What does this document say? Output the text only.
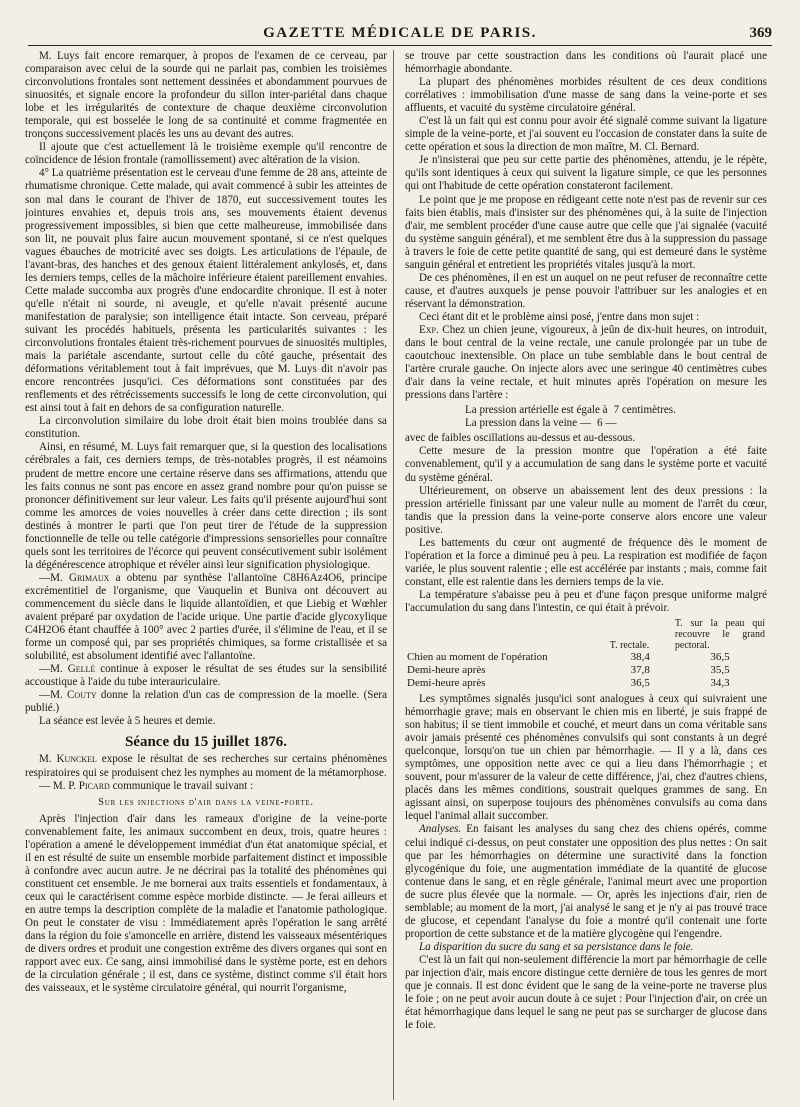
GAZETTE MÉDICALE DE PARIS.	369

M. Luys fait encore remarquer, à propos de l'examen de ce cerveau, par comparaison avec celui de la sourde qui ne parlait pas, combien les troisièmes circonvolutions frontales sont nettement dessinées et abondamment pourvues de sinuosités, et signale encore la profondeur du sillon inter-pariétal dans chaque lobe et les irrégularités de contexture de chaque deuxième circonvolution temporale, qui est bosselée le long de sa continuité et comme fragmentée en tronçons successivement placés les uns au devant des autres.

Il ajoute que c'est actuellement là le troisième exemple qu'il rencontre de coïncidence de lésion frontale (ramollissement) avec altération de la vision.

4° La quatrième présentation est le cerveau d'une femme de 28 ans, atteinte de rhumatisme chronique. Cette malade, qui avait commencé à subir les atteintes de son mal dans le courant de l'hiver de 1870, eut successivement toutes les jointures envahies et, depuis trois ans, ses mouvements étaient devenus progressivement impossibles, si bien que cette malheureuse, immobilisée dans son lit, ne pouvait plus faire aucun mouvement spontané, si ce n'est quelques vagues ébauches de motricité avec ses doigts. Les articulations de l'épaule, de l'avant-bras, des hanches et des genoux étaient littéralement ankylosés, et, dans les derniers temps, celles de la mâchoire inférieure étaient pareillement envahies. Cette malade succomba aux progrès d'une endocardite chronique. Il est à noter qu'elle n'était ni sourde, ni aveugle, et qu'elle n'avait présenté aucune manifestation de paralysie; son intelligence était intacte. Son cerveau, préparé suivant les procédés habituels, présenta les particularités suivantes : les circonvolutions frontales étaient très-richement pourvues de sinuosités multiples, mais la pariétale ascendante, surtout celle du côté gauche, présentait des déformations véritablement tout à fait imprévues, que M. Luys dit n'avoir pas encore rencontrées jusqu'ici. Ces déformations sont constituées par des renflements et des rétrécissements successifs le long de cette circonvolution, qui est ainsi tout à fait en dehors de sa configuration naturelle.

La circonvolution similaire du lobe droit était bien moins troublée dans sa constitution.

Ainsi, en résumé, M. Luys fait remarquer que, si la question des localisations cérébrales a fait, ces derniers temps, de très-notables progrès, il est néamoins prudent de mettre encore une certaine réserve dans ses affirmations, attendu que les faits connus ne sont pas encore en assez grand nombre pour qu'on puisse se prononcer définitivement sur leur valeur. Les faits qu'il présente aujourd'hui sont comme les amorces de voies nouvelles à créer dans cette direction ; ils sont destinés à montrer le parti que l'on peut tirer de l'étude de la suppression fonctionnelle de telle ou telle catégorie d'impressions sensorielles pour connaître quels sont les territoires de l'écorce qui peuvent consécutivement subir isolément la dégénérescence atrophique et révéler ainsi leur signification physiologique.

—M. Grimaux a obtenu par synthèse l'allantoïne C8H6Az4O6, principe excrémentitiel de l'organisme, que Vauquelin et Buniva ont découvert au commencement du siècle dans le liquide allantoïdien, et que Liebig et Wœhler avaient préparé par oxydation de l'acide urique. Une partie d'acide glycoxylique C4H2O6 étant chauffée à 100° avec 2 parties d'urée, il s'élimine de l'eau, et il se forme un composé qui, par ses propriétés chimiques, sa forme cristallisée et sa solubilité, est absolument identifié avec l'allantoïne.

—M. Gellé continue à exposer le résultat de ses études sur la sensibilité accoustique à l'aide du tube interauriculaire.

—M. Couty donne la relation d'un cas de compression de la moelle. (Sera publié.)

La séance est levée à 5 heures et demie.

Séance du 15 juillet 1876.

M. Kunckel expose le résultat de ses recherches sur certains phénomènes respiratoires qui se produisent chez les nymphes au moment de la métamorphose.

— M. P. Picard communique le travail suivant :

Sur les injections d'air dans la veine-porte.

Après l'injection d'air dans les rameaux d'origine de la veine-porte convenablement faite, les animaux succombent en deux, trois, quatre heures : l'opération a amené le développement immédiat d'un état anatomique spécial, et il en est résulté de suite un ensemble morbide parfaitement distinct et impossible à confondre avec aucun autre. Je ne décrirai pas la totalité des phénomènes qui constituent cet ensemble. Je me bornerai aux traits essentiels et fondamentaux, à ceux qui le caractérisent comme espèce morbide distincte. — Je ferai ailleurs et en autre temps la description complète de la maladie et l'anatomie pathologique. On peut le constater de visu : Immédiatement après l'opération le sang arrêté dans la région du foie s'amoncelle en arrière, distend les vaisseaux mésentériques de divers ordres et produit une congestion extrême des divers organes qui sont en rapport avec eux. Ce sang, ainsi immobilisé dans le système porte, est en dehors de la circulation générale ; il est, dans ce système, distinct comme s'il était hors des vaisseaux, et le système circulatoire général, qui nourrit l'organisme,

se trouve par cette soustraction dans les conditions où l'aurait placé une hémorrhagie abondante.

La plupart des phénomènes morbides résultent de ces deux conditions corrélatives : immobilisation d'une masse de sang dans la veine-porte et ses affluents, et vacuité du système circulatoire général.

C'est là un fait qui est connu pour avoir été signalé comme suivant la ligature simple de la veine-porte, et j'ai souvent eu l'occasion de constater dans la suite de cette opération et sous la direction de mon maître, M. Cl. Bernard.

Je n'insisterai que peu sur cette partie des phénomènes, attendu, je le répète, qu'ils sont identiques à ceux qui suivent la ligature simple, ce que les personnes qui ont l'habitude de cette opération constateront facilement.

Le point que je me propose en rédigeant cette note n'est pas de revenir sur ces faits bien établis, mais d'insister sur des phénomènes qui, à la suite de l'injection d'air, me semblent procéder d'une cause autre que celle que j'ai signalée (vacuité du système sanguin général), et me semblent être dus à la suppression du passage à travers le foie de cette petite quantité de sang, qui est demeuré dans le système sanguin général et entretient les propriétés vitales jusqu'à la mort.

De ces phénomènes, il en est un auquel on ne peut refuser de reconnaître cette cause, et d'autres auxquels je pense pouvoir l'attribuer sur les analogies et en réservant la démonstration.

Ceci étant dit et le problème ainsi posé, j'entre dans mon sujet :

Exp. Chez un chien jeune, vigoureux, à jeûn de dix-huit heures, on introduit, dans le bout central de la veine rectale, une canule prolongée par un tube de caoutchouc inextensible. On place un tube semblable dans le bout central de l'artère crurale gauche. On injecte alors avec une seringue 40 centimètres cubes d'air dans la veine rectale, et huit minutes après l'opération on mesure les pressions dans l'artère :

La pression artérielle est égale à 7 centimètres.
La pression dans la veine — 6 —

avec de faibles oscillations au-dessus et au-dessous.

Cette mesure de la pression montre que l'opération a été faite convenablement, qu'il y a accumulation de sang dans le système porte et vacuité du système général.

Ultérieurement, on observe un abaissement lent des deux pressions : la pression artérielle finissant par une valeur nulle au moment de l'arrêt du cœur, tandis que la pression dans la veine-porte conserve alors encore une valeur positive.

Les battements du cœur ont augmenté de fréquence dès le moment de l'opération et la force a diminué peu à peu. La respiration est modifiée de façon variée, le plus souvent ralentie ; elle est accélérée par instants ; mais, comme fait constant, elle est ralentie dans les derniers temps de la vie.

La température s'abaisse peu à peu et d'une façon presque uniforme malgré l'accumulation du sang dans l'intestin, ce qui était à prévoir.

	T. rectale.	T. sur la peau qui recouvre le grand pectoral.
Chien au moment de l'opération	38,4	36,5
Demi-heure après	37,8	35,5
Demi-heure après	36,5	34,3

Les symptômes signalés jusqu'ici sont analogues à ceux qui suivraient une hémorrhagie grave; mais en observant le chien mis en liberté, je suis frappé de son habitus; il se tient immobile et couché, et meurt dans un coma véritable sans avoir jamais présenté ces phénomènes convulsifs qui sont constants à un degré quelconque, lorsqu'on tue un chien par hémorrhagie. — Il y a là, dans ces symptômes, une opposition nette avec ce qui a lieu dans l'hémorrhagie ; et souvent, pour m'assurer de la valeur de cette différence, j'ai, chez d'autres chiens, placés dans les mêmes conditions, soustrait quelques grammes de sang. En agissant ainsi, on superpose toujours des phénomènes convulsifs au coma dans lequel l'animal allait succomber.

Analyses. En faisant les analyses du sang chez des chiens opérés, comme celui indiqué ci-dessus, on peut constater une opposition des plus nettes : On sait que par les hémorrhagies on détermine une suractivité dans la fonction glycogénique du foie, une augmentation immédiate de la quantité de glucose contenue dans le sang, et en règle générale, l'animal meurt avec une proportion de sucre plus élevée que la normale. — Or, après les injections d'air, rien de semblable; au moment de la mort, j'ai analysé le sang et je n'y ai pas trouvé trace de glucose, et cependant l'analyse du foie a montré qu'il contenait une forte proportion de cette substance et de la matière glycogène qui l'engendre.

La disparition du sucre du sang et sa persistance dans le foie.

C'est là un fait qui non-seulement différencie la mort par hémorrhagie de celle par injection d'air, mais encore distingue cette dernière de tous les genres de mort que je connais. Il est donc évident que le sang de la veine-porte ne traverse plus le foie ; on ne peut avoir aucun doute à ce sujet : Pour l'injection d'air, on crée un état hémorrhagique dans lequel le sang ne peut pas se surcharger de glucose dans le foie.
